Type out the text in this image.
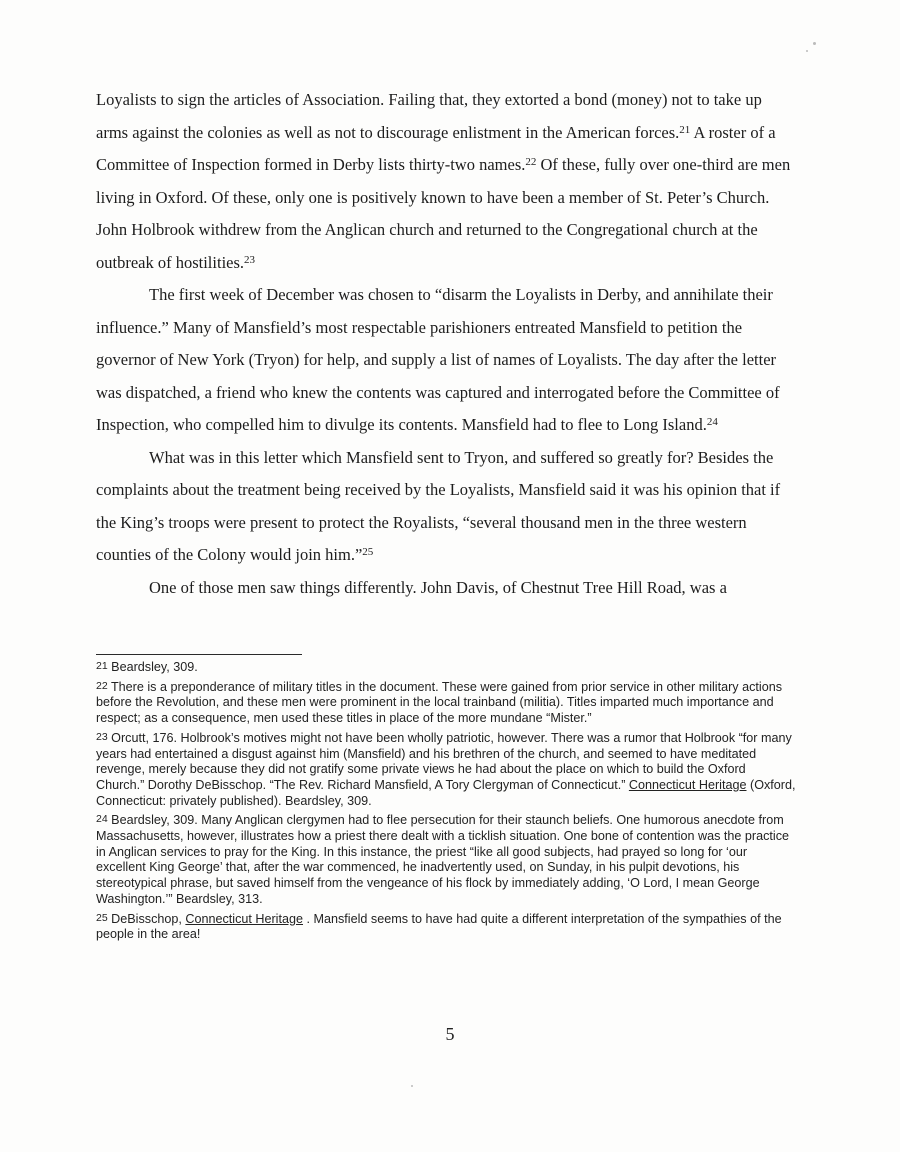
Loyalists to sign the articles of Association. Failing that, they extorted a bond (money) not to take up arms against the colonies as well as not to discourage enlistment in the American forces.$^{21}$ A roster of a Committee of Inspection formed in Derby lists thirty-two names.$^{22}$ Of these, fully over one-third are men living in Oxford. Of these, only one is positively known to have been a member of St. Peter’s Church. John Holbrook withdrew from the Anglican church and returned to the Congregational church at the outbreak of hostilities.$^{23}$

The first week of December was chosen to “disarm the Loyalists in Derby, and annihilate their influence.” Many of Mansfield’s most respectable parishioners entreated Mansfield to petition the governor of New York (Tryon) for help, and supply a list of names of Loyalists. The day after the letter was dispatched, a friend who knew the contents was captured and interrogated before the Committee of Inspection, who compelled him to divulge its contents. Mansfield had to flee to Long Island.$^{24}$

What was in this letter which Mansfield sent to Tryon, and suffered so greatly for? Besides the complaints about the treatment being received by the Loyalists, Mansfield said it was his opinion that if the King’s troops were present to protect the Royalists, “several thousand men in the three western counties of the Colony would join him.”$^{25}$

One of those men saw things differently. John Davis, of Chestnut Tree Hill Road, was a

$^{21}$ Beardsley, 309.

$^{22}$ There is a preponderance of military titles in the document. These were gained from prior service in other military actions before the Revolution, and these men were prominent in the local trainband (militia). Titles imparted much importance and respect; as a consequence, men used these titles in place of the more mundane “Mister.”

$^{23}$ Orcutt, 176. Holbrook’s motives might not have been wholly patriotic, however. There was a rumor that Holbrook “for many years had entertained a disgust against him (Mansfield) and his brethren of the church, and seemed to have meditated revenge, merely because they did not gratify some private views he had about the place on which to build the Oxford Church.” Dorothy DeBisschop. “The Rev. Richard Mansfield, A Tory Clergyman of Connecticut.” Connecticut Heritage (Oxford, Connecticut: privately published). Beardsley, 309.

$^{24}$ Beardsley, 309. Many Anglican clergymen had to flee persecution for their staunch beliefs. One humorous anecdote from Massachusetts, however, illustrates how a priest there dealt with a ticklish situation. One bone of contention was the practice in Anglican services to pray for the King. In this instance, the priest “like all good subjects, had prayed so long for ‘our excellent King George’ that, after the war commenced, he inadvertently used, on Sunday, in his pulpit devotions, his stereotypical phrase, but saved himself from the vengeance of his flock by immediately adding, ‘O Lord, I mean George Washington.’” Beardsley, 313.

$^{25}$ DeBisschop, Connecticut Heritage . Mansfield seems to have had quite a different interpretation of the sympathies of the people in the area!

5
